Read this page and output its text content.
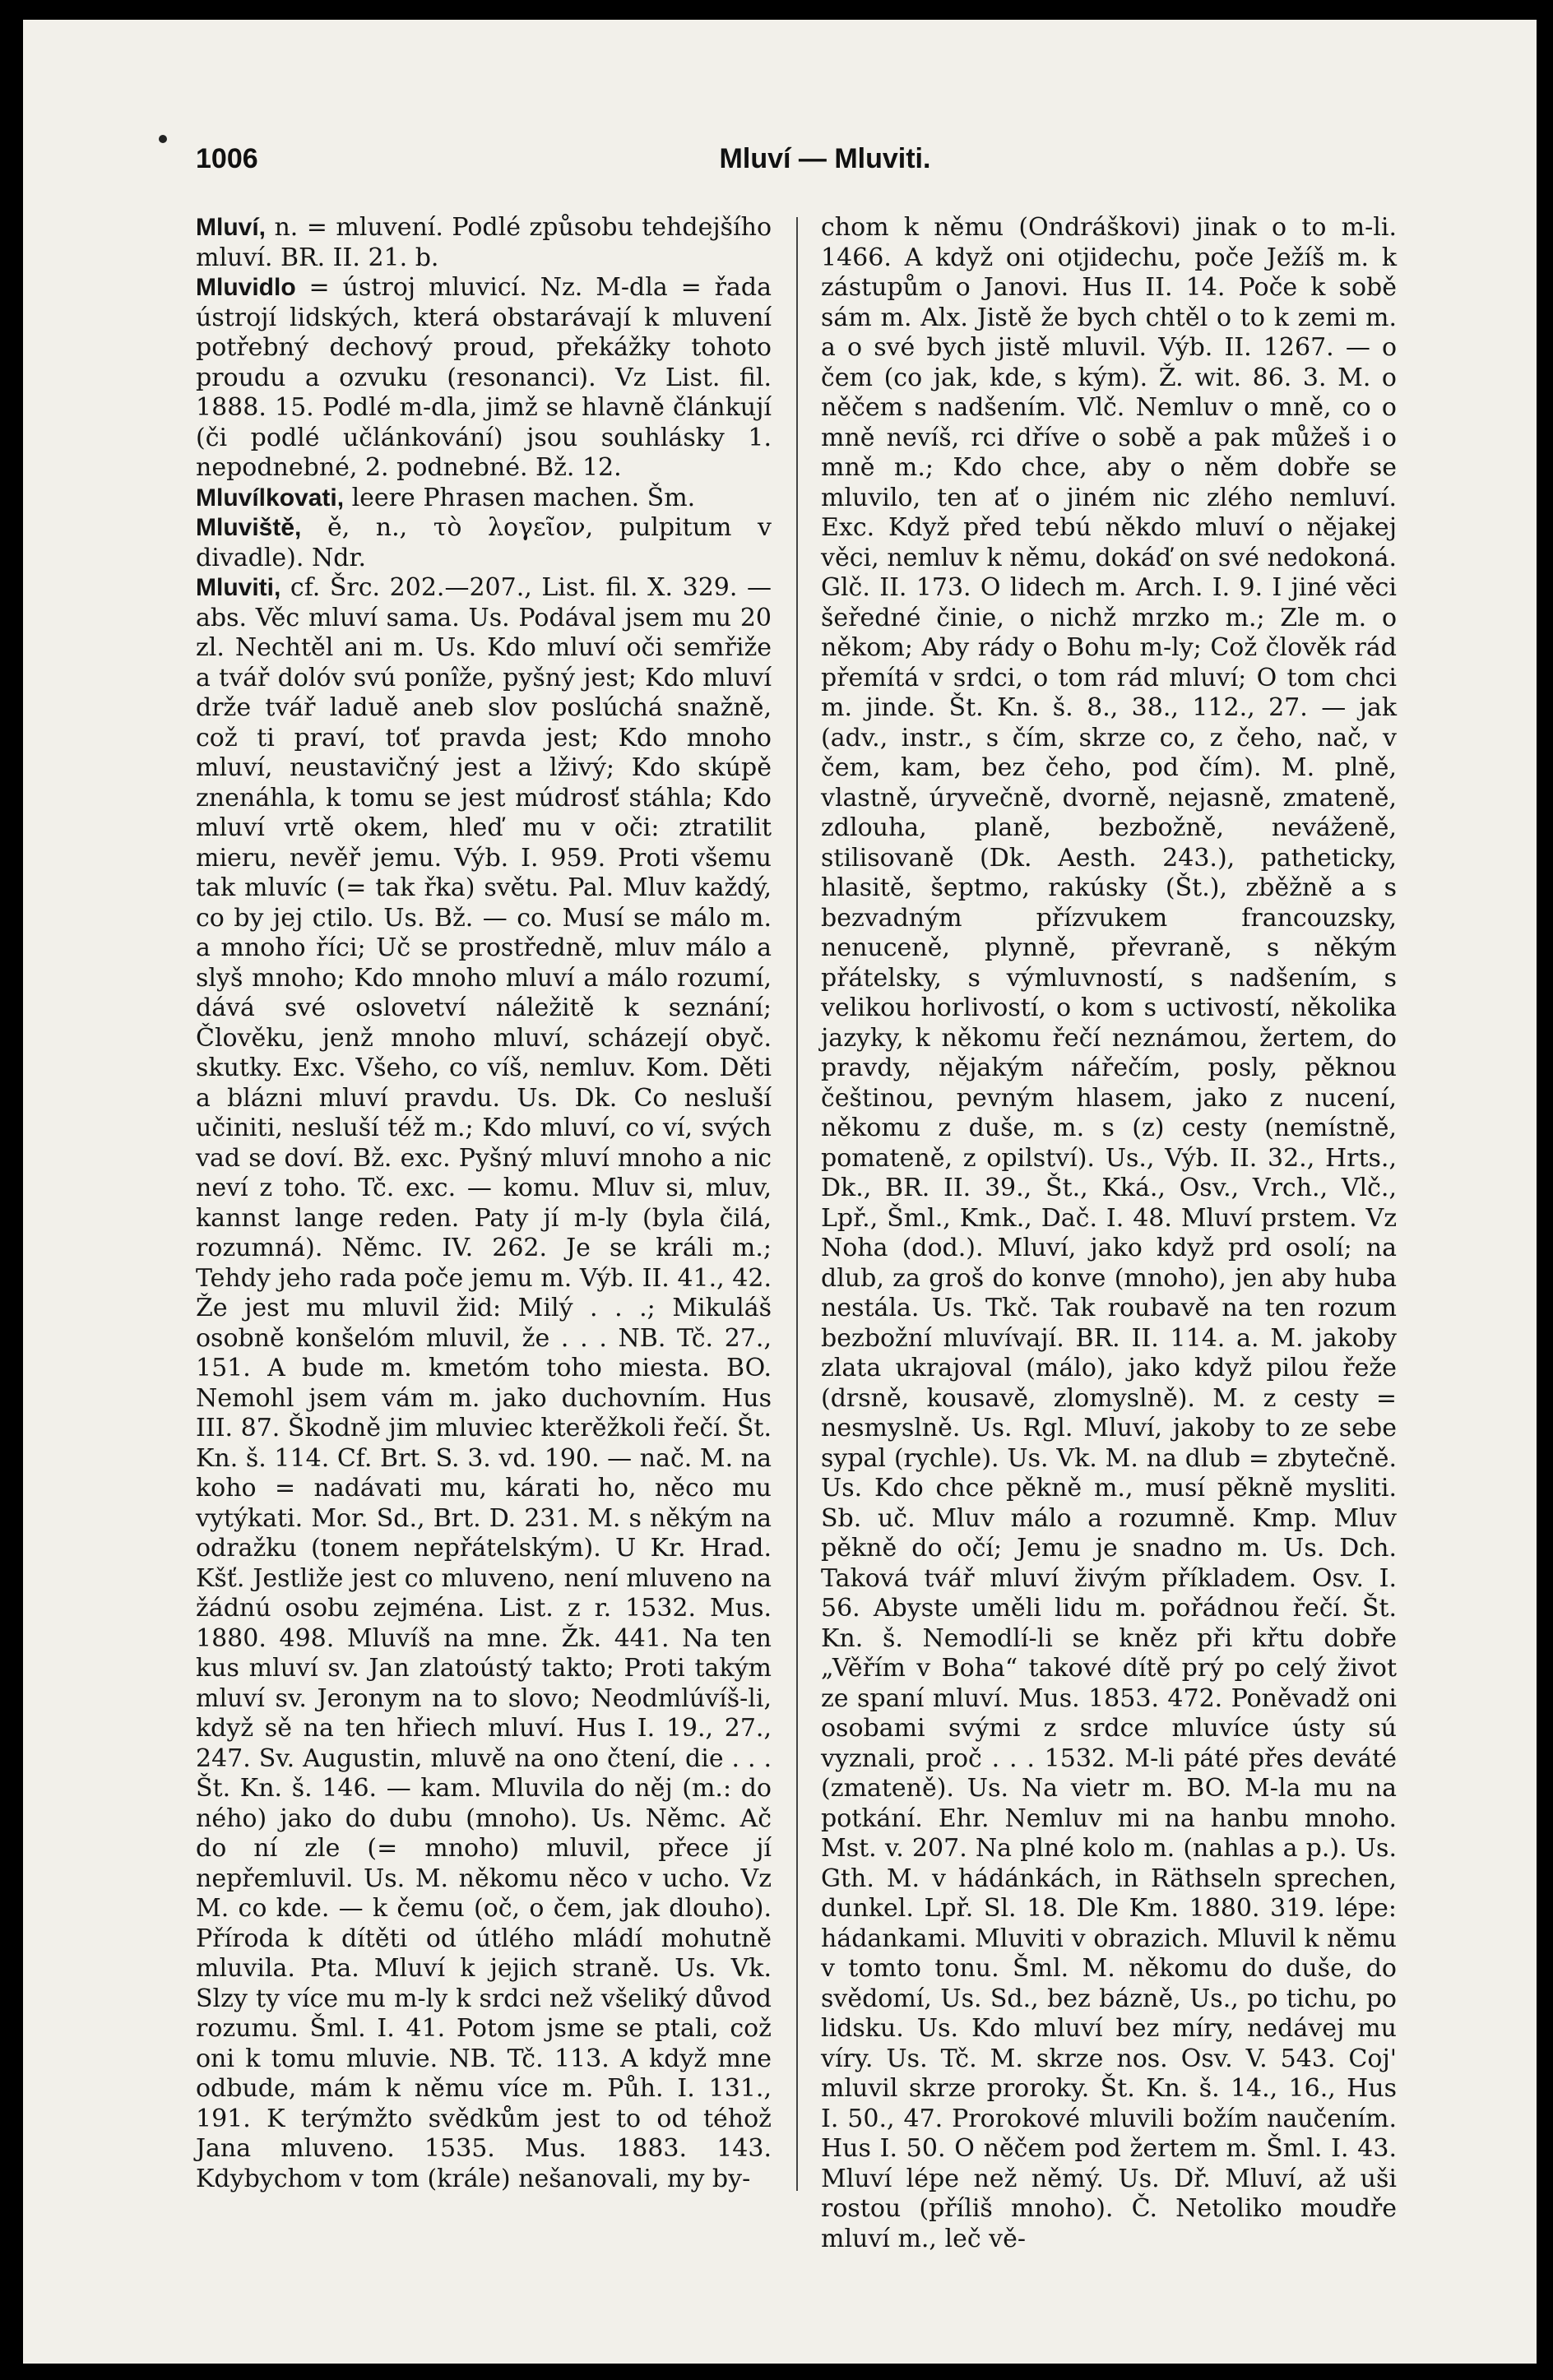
1006	Mluví — Mluviti.

Mluví, n. = mluvení. Podlé způsobu tehdejšího mluví. BR. II. 21. b.

Mluvidlo = ústroj mluvicí. Nz. M-dla = řada ústrojí lidských, která obstarávají k mluvení potřebný dechový proud, překážky tohoto proudu a ozvuku (resonanci). Vz List. fil. 1888. 15. Podlé m-dla, jimž se hlavně článkují (či podlé učlánkování) jsou souhlásky 1. nepodnebné, 2. podnebné. Bž. 12.

Mluvílkovati, leere Phrasen machen. Šm.

Mluviště, ě, n., τὸ λογεῖον, pulpitum v divadle). Ndr.

Mluviti, cf. Šrc. 202.—207., List. fil. X. 329. — abs. Věc mluví sama. Us. Podával jsem mu 20 zl. Nechtěl ani m. Us. Kdo mluví oči semřiže a tvář dolóv svú ponîže, pyšný jest; Kdo mluví drže tvář laduě aneb slov poslúchá snažně, což ti praví, toť pravda jest; Kdo mnoho mluví, neustavičný jest a lživý; Kdo skúpě znenáhla, k tomu se jest múdrosť stáhla; Kdo mluví vrtě okem, hleď mu v oči: ztratilit mieru, nevěř jemu. Výb. I. 959. Proti všemu tak mluvíc (= tak řka) světu. Pal. Mluv každý, co by jej ctilo. Us. Bž. — co. Musí se málo m. a mnoho říci; Uč se prostředně, mluv málo a slyš mnoho; Kdo mnoho mluví a málo rozumí, dává své oslovetví náležitě k seznání; Člověku, jenž mnoho mluví, scházejí obyč. skutky. Exc. Všeho, co víš, nemluv. Kom. Děti a blázni mluví pravdu. Us. Dk. Co nesluší učiniti, nesluší též m.; Kdo mluví, co ví, svých vad se doví. Bž. exc. Pyšný mluví mnoho a nic neví z toho. Tč. exc. — komu. Mluv si, mluv, kannst lange reden. Paty jí m-ly (byla čilá, rozumná). Němc. IV. 262. Je se králi m.; Tehdy jeho rada poče jemu m. Výb. II. 41., 42. Že jest mu mluvil žid: Milý . . .; Mikuláš osobně konšelóm mluvil, že . . . NB. Tč. 27., 151. A bude m. kmetóm toho miesta. BO. Nemohl jsem vám m. jako duchovním. Hus III. 87. Škodně jim mluviec kterěžkoli řečí. Št. Kn. š. 114. Cf. Brt. S. 3. vd. 190. — nač. M. na koho = nadávati mu, kárati ho, něco mu vytýkati. Mor. Sd., Brt. D. 231. M. s někým na odražku (tonem nepřátelským). U Kr. Hrad. Kšť. Jestliže jest co mluveno, není mluveno na žádnú osobu zejména. List. z r. 1532. Mus. 1880. 498. Mluvíš na mne. Žk. 441. Na ten kus mluví sv. Jan zlatoústý takto; Proti takým mluví sv. Jeronym na to slovo; Neodmlúvíš-li, když sě na ten hřiech mluví. Hus I. 19., 27., 247. Sv. Augustin, mluvě na ono čtení, die . . . Št. Kn. š. 146. — kam. Mluvila do něj (m.: do ného) jako do dubu (mnoho). Us. Němc. Ač do ní zle (= mnoho) mluvil, přece jí nepřemluvil. Us. M. někomu něco v ucho. Vz M. co kde. — k čemu (oč, o čem, jak dlouho). Příroda k dítěti od útlého mládí mohutně mluvila. Pta. Mluví k jejich straně. Us. Vk. Slzy ty více mu m-ly k srdci než všeliký důvod rozumu. Šml. I. 41. Potom jsme se ptali, což oni k tomu mluvie. NB. Tč. 113. A když mne odbude, mám k němu více m. Půh. I. 131., 191. K terýmžto svědkům jest to od téhož Jana mluveno. 1535. Mus. 1883. 143. Kdybychom v tom (krále) nešanovali, my by-

chom k němu (Ondráškovi) jinak o to m-li. 1466. A když oni otjidechu, poče Ježíš m. k zástupům o Janovi. Hus II. 14. Poče k sobě sám m. Alx. Jistě že bych chtěl o to k zemi m. a o své bych jistě mluvil. Výb. II. 1267. — o čem (co jak, kde, s kým). Ž. wit. 86. 3. M. o něčem s nadšením. Vlč. Nemluv o mně, co o mně nevíš, rci dříve o sobě a pak můžeš i o mně m.; Kdo chce, aby o něm dobře se mluvilo, ten ať o jiném nic zlého nemluví. Exc. Když před tebú někdo mluví o nějakej věci, nemluv k němu, dokáď on své nedokoná. Glč. II. 173. O lidech m. Arch. I. 9. I jiné věci šeředné činie, o nichž mrzko m.; Zle m. o někom; Aby rády o Bohu m-ly; Což člověk rád přemítá v srdci, o tom rád mluví; O tom chci m. jinde. Št. Kn. š. 8., 38., 112., 27. — jak (adv., instr., s čím, skrze co, z čeho, nač, v čem, kam, bez čeho, pod čím). M. plně, vlastně, úryvečně, dvorně, nejasně, zmateně, zdlouha, planě, bezbožně, neváženě, stilisovaně (Dk. Aesth. 243.), patheticky, hlasitě, šeptmo, rakúsky (Št.), zběžně a s bezvadným přízvukem francouzsky, nenuceně, plynně, převraně, s někým přátelsky, s výmluvností, s nadšením, s velikou horlivostí, o kom s uctivostí, několika jazyky, k někomu řečí neznámou, žertem, do pravdy, nějakým nářečím, posly, pěknou češtinou, pevným hlasem, jako z nucení, někomu z duše, m. s (z) cesty (nemístně, pomateně, z opilství). Us., Výb. II. 32., Hrts., Dk., BR. II. 39., Št., Kká., Osv., Vrch., Vlč., Lpř., Šml., Kmk., Dač. I. 48. Mluví prstem. Vz Noha (dod.). Mluví, jako když prd osolí; na dlub, za groš do konve (mnoho), jen aby huba nestála. Us. Tkč. Tak roubavě na ten rozum bezbožní mluvívají. BR. II. 114. a. M. jakoby zlata ukrajoval (málo), jako když pilou řeže (drsně, kousavě, zlomyslně). M. z cesty = nesmyslně. Us. Rgl. Mluví, jakoby to ze sebe sypal (rychle). Us. Vk. M. na dlub = zbytečně. Us. Kdo chce pěkně m., musí pěkně mysliti. Sb. uč. Mluv málo a rozumně. Kmp. Mluv pěkně do očí; Jemu je snadno m. Us. Dch. Taková tvář mluví živým příkladem. Osv. I. 56. Abyste uměli lidu m. pořádnou řečí. Št. Kn. š. Nemodlí-li se kněz při křtu dobře „Věřím v Boha“ takové dítě prý po celý život ze spaní mluví. Mus. 1853. 472. Poněvadž oni osobami svými z srdce mluvíce ústy sú vyznali, proč . . . 1532. M-li páté přes deváté (zmateně). Us. Na vietr m. BO. M-la mu na potkání. Ehr. Nemluv mi na hanbu mnoho. Mst. v. 207. Na plné kolo m. (nahlas a p.). Us. Gth. M. v hádánkách, in Räthseln sprechen, dunkel. Lpř. Sl. 18. Dle Km. 1880. 319. lépe: hádankami. Mluviti v obrazich. Mluvil k němu v tomto tonu. Šml. M. někomu do duše, do svědomí, Us. Sd., bez bázně, Us., po tichu, po lidsku. Us. Kdo mluví bez míry, nedávej mu víry. Us. Tč. M. skrze nos. Osv. V. 543. Coj' mluvil skrze proroky. Št. Kn. š. 14., 16., Hus I. 50., 47. Prorokové mluvili božím naučením. Hus I. 50. O něčem pod žertem m. Šml. I. 43. Mluví lépe než němý. Us. Dř. Mluví, až uši rostou (příliš mnoho). Č. Netoliko moudře mluví m., leč vě-
